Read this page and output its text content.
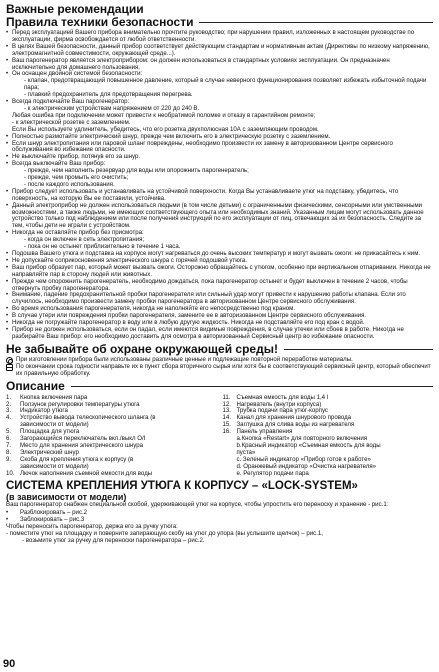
Важные рекомендации
Правила техники безопасности
• Перед эксплуатацией Вашего прибора внимательно прочтите руководство; при нарушении правил, изложенных в настоящем руководстве по эксплуатации, фирма освобождается от любой ответственности.
• В целях Вашей безопасности, данный прибор соответствует действующим стандартам и нормативным актам (Директивы по низкому напряжению, электромагнитной совместимости, окружающей среде...).
• Ваш парогенератор является электроприбором: он должен использоваться в стандартных условиях эксплуатации. Он предназначен исключительно для домашнего пользования.
• Он оснащен двойной системой безопасности:
- клапан, предотвращающий повышенное давление, который в случае неверного функционирования позволяет избежать избыточной подачи пара;
- плавкий предохранитель для предотвращения перегрева.
• Всегда подключайте Ваш парогенератор:
- к электрическим устройствам напряжением от 220 до 240 В.
Любая ошибка при подключении может привести к необратимой поломке и отказу в гарантийном ремонте;
- к электрической розетке с заземлением.
Если Вы используете удлинитель, убедитесь, что его розетка двухполюсная 10А с заземляющим проводом.
• Полностью размотайте электрический шнур, прежде чем включить его в электрическую розетку с заземлением.
• Если шнур электропитания или паровой шланг повреждены, необходимо произвести их замену в авторизованном Центре сервисного обслуживания во избежание опасности.
• Не выключайте прибор, потянув его за шнур.
• Всегда выключайте Ваш прибор:
- прежде, чем наполнить резервуар для воды или опорожнить парогенератель;
- прежде, чем промыть его очистить;
- после каждого использования.
• Прибор следует использовать и устанавливать на устойчивой поверхности. Когда Вы устанавливаете утюг на подставку, убедитесь, что поверхность, на которую Вы ее поставили, устойчива.
• Данный электроприбор не должен использоваться людьми (в том числе детьми) с ограниченными физическими, сенсорными или умственными возможностями, а также людьми, не имеющих соответствующего опыта или необходимых знаний. Указанным лицам могут использовать данное устройство только под наблюдением или после получения инструкций по его эксплуатации от лиц, отвечающих за их безопасность. Следите за тем, чтобы дети не играли с устройством.
• Никогда не оставляйте прибор без присмотра:
- когда он включен в сеть электропитания;
- пока он не остынет приблизительно в течение 1 часа.
• Подошва Вашего утюга и подставка на корпусе могут нагреваться до очень высоких температур и могут вызвать ожоги: не прикасайтесь к ним.
• Не допускайте соприкосновения электрического шнура с горячей подошвой утюга.
• Ваш прибор образует пар, который может вызвать ожоги. Осторожно обращайтесь с утюгом, особенно при вертикальном отпаривании. Никогда не направляйте пар в сторону людей или животных.
• Прежде чем опорожнить парогенератель, необходимо дождаться, пока парогенератор остынет и будет выключен в течение 2 часов, чтобы отвернуть пробку парогенератора.
• Внимание, падение предохранительной пробки парогенерателя или сильный удар могут привести к нарушению работы клапана. Если это случилось, необходимо произвести замену пробки парогенератора в авторизованном Центре сервисного обслуживания.
• Во время использования парогенерателя, никогда не наполняйте его непосредственно под краном.
• В случае утери или повреждения пробки парогенерателя, замените ее в авторизованном Центре сервисного обслуживания.
• Никогда не погружайте парогенератор в воду или в любую другую жидкость. Никогда не подставляйте его под кран с водой.
• Прибор не должен использоваться, если он падал, если имеются видимые повреждения, в случае утечки или сбоев в работе. Никогда не разбирайте Ваш прибор: его необходимо доставить для осмотра в авторизованный Сервисный центр во избежание опасности.
Не забывайте об охране окружающей среды!
При изготовлении прибора были использованы различные ценные и подлежащие повторной переработке материалы.
По окончании срока годности направьте их в пункт сбора вторичного сырья или хотя бы в соответствующий сервисный центр, который обеспечит их правильную обработку.
Описание
1.	Кнопка включения пара
2.	Ползунок регулировки температуры утюга
3.	Индикатор утюга
4.	Устройство вывода телескопического шланга (в
зависимости от модели)
5.	Площадка для утюга
6.	Загорающийся переключатель вкл./выкл О/I
7.	Место для хранения электрического шнура
8.	Электрический шнур
9.	Скоба для крепления утюга к корпусу (в
зависимости от модели)
10. Лючок наполнения съемной емкости для воды
11. Съемная емкость для воды 1,4 l
12. Нагреватель (внутри корпуса)
13. Трубка подачи пара утюг-корпус
14. Канал для хранения шнурового провода
15. Заглушка для слива воды из нагревателя
16. Панель управления
a.Кнопка «Restart» для повторного включения
b.Красный индикатор «Съемная емкость для воды
пуста»
c. Зеленый индикатор «Прибор готов к работе»
d. Оранжевый индикатор «Очистка нагревателя»
e. Регулятор подачи пара
СИСТЕМА КРЕПЛЕНИЯ УТЮГА К КОРПУСУ – «LOCK-SYSTEM»
(в зависимости от модели)
Ваш парогенератор снабжен специальной скобой, удерживающей утюг на корпусе, чтобы упростить его переноску и хранение - рис.1:
• Разблокировать – рис.2
• Заблокировать – рис.3
Чтобы переносить парогенератор, держа его за ручку утюга:
- поместите утюг на площадку и поверните запирающую скобу на утюг до упора (вы услышите щелчок) – рис.1,
- возьмите утюг за ручку для переноски парогенератора – рис.2.
90
